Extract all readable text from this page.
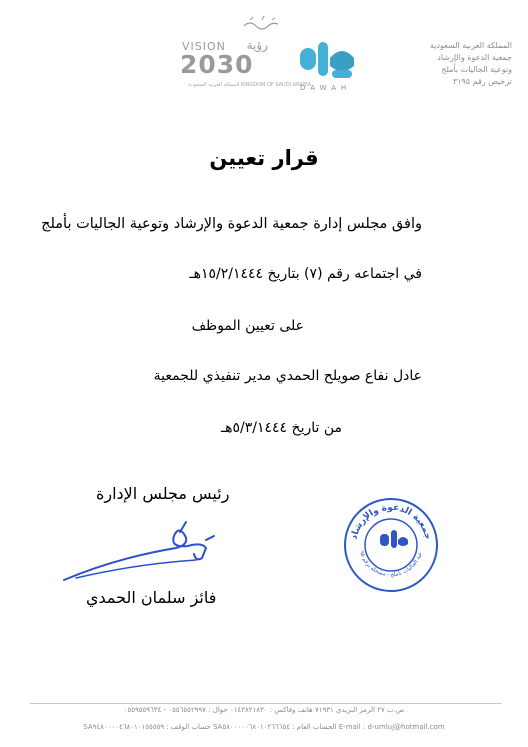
المملكة العربية السعودية
جمعية الدعوة والإرشاد
وتوعية الجاليات بأملج
ترخيص رقم ٣١٩٥
DAWAH
VISION رؤية
2030
المملكة العربية السعودية KINGDOM OF SAUDI ARABIA
قرار تعيين
وافق مجلس إدارة جمعية الدعوة والإرشاد وتوعية الجاليات بأملج
في اجتماعه رقم (٧) بتاريخ ١٥/٢/١٤٤٤هـ
على تعيين الموظف
عادل نفاع صويلح الحمدي مدير تنفيذي للجمعية
من تاريخ ٥/٣/١٤٤٤هـ
رئيس مجلس الإدارة
فائز سلمان الحمدي
جمعية الدعوة والإرشاد
عية الجاليات بأملج - مسجلة برقم ٩٥
ص.ب ٢٧ الرمز البريدي ٧١٩٣١ هاتف وفاكس : ٠١٤٣٨٢١٨٣٠ جوال : ٠٥٥٦٥٥٢٩٩٧ - ٠٥٥٩٥٥٩٦٣٤
E-mail : d-umluj@hotmail.com الحساب العام : SA٥٨٠٠٠٠٠٦٨٠١٠٢٦٦٦٥٤ حساب الوقف : SA٩٤٨٠٠٠٠٤٦٨٠١٠١٥٥٥٥٩
